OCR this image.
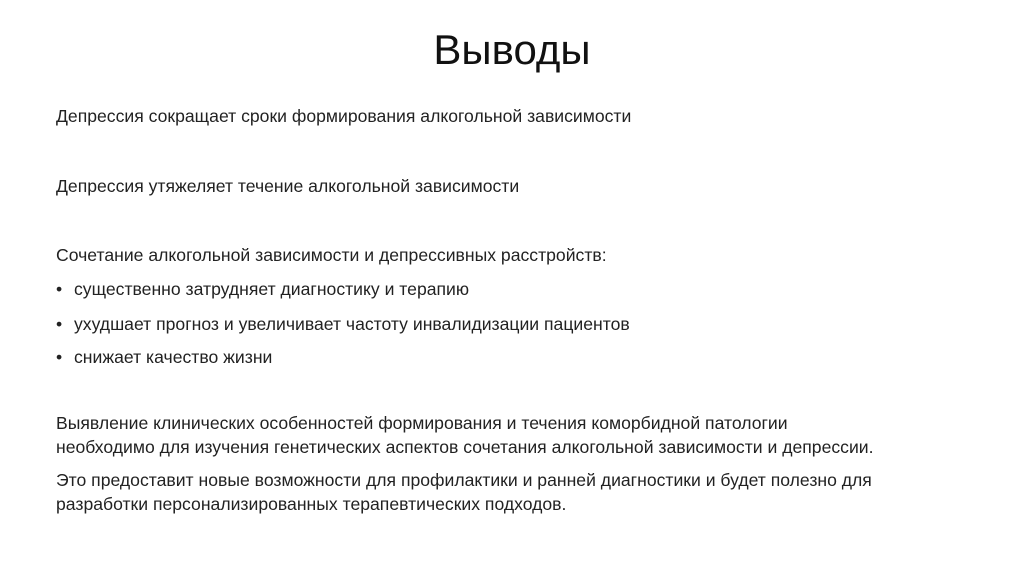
Выводы

Депрессия сокращает сроки формирования алкогольной зависимости

Депрессия утяжеляет течение алкогольной зависимости

Сочетание алкогольной зависимости и депрессивных расстройств:

• существенно затрудняет диагностику и терапию
• ухудшает прогноз и увеличивает частоту инвалидизации пациентов
• снижает качество жизни

Выявление клинических особенностей формирования и течения коморбидной патологии

необходимо для изучения генетических аспектов сочетания алкогольной зависимости и депрессии.

Это предоставит новые возможности для профилактики и ранней диагностики и будет полезно для

разработки персонализированных терапевтических подходов.
